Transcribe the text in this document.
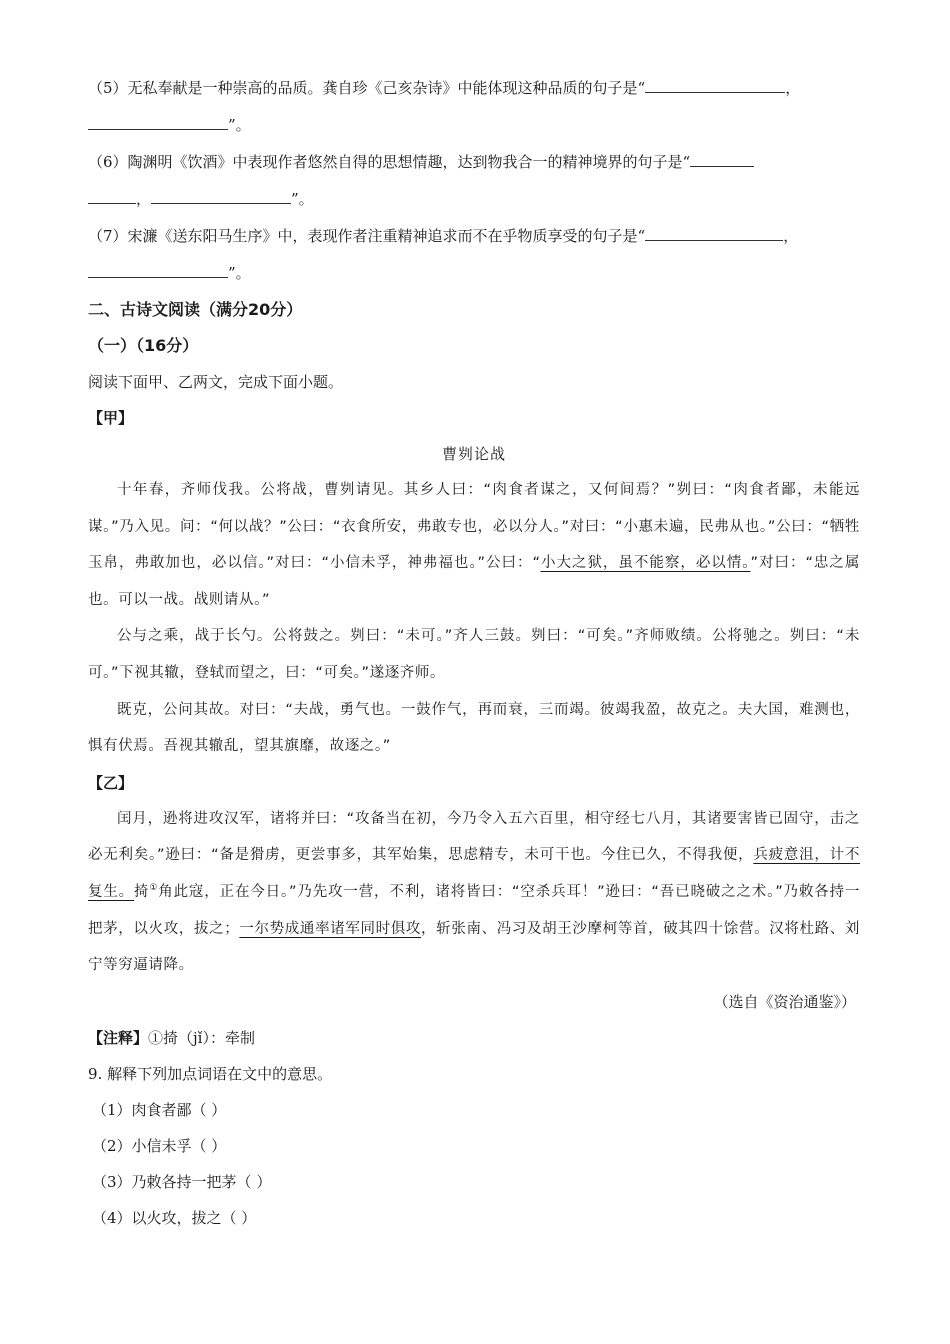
（5）无私奉献是一种崇高的品质。龚自珍《己亥杂诗》中能体现这种品质的句子是“	，
”。
（6）陶渊明《饮酒》中表现作者悠然自得的思想情趣，达到物我合一的精神境界的句子是“
，	”。
（7）宋濂《送东阳马生序》中，表现作者注重精神追求而不在乎物质享受的句子是“	，
”。
二、古诗文阅读（满分20分）
（一）（16分）
阅读下面甲、乙两文，完成下面小题。
【甲】
曹刿论战
十年春，齐师伐我。公将战，曹刿请见。其乡人曰：“肉食者谋之，又何间焉？”刿曰：“肉食者鄙，未能远谋。”乃入见。问：“何以战？”公曰：“衣食所安，弗敢专也，必以分人。”对曰：“小惠未遍，民弗从也。”公曰：“牺牲玉帛，弗敢加也，必以信。”对曰：“小信未孚，神弗福也。”公曰：“小大之狱，虽不能察，必以情。”对曰：“忠之属也。可以一战。战则请从。”
公与之乘，战于长勺。公将鼓之。刿曰：“未可。”齐人三鼓。刿曰：“可矣。”齐师败绩。公将驰之。刿曰：“未可。”下视其辙，登轼而望之，曰：“可矣。”遂逐齐师。
既克，公问其故。对曰：“夫战，勇气也。一鼓作气，再而衰，三而竭。彼竭我盈，故克之。夫大国，难测也，惧有伏焉。吾视其辙乱，望其旗靡，故逐之。”
【乙】
闰月，逊将进攻汉军，诸将并曰：“攻备当在初，今乃令入五六百里，相守经七八月，其诸要害皆已固守，击之必无利矣。”逊曰：“备是猾虏，更尝事多，其军始集，思虑精专，未可干也。今住已久，不得我便，兵疲意沮，计不复生。掎①角此寇，正在今日。”乃先攻一营，不利，诸将皆曰：“空杀兵耳！”逊曰：“吾已晓破之之术。”乃敕各持一把茅，以火攻，拔之；一尔势成通率诸军同时俱攻，斩张南、冯习及胡王沙摩柯等首，破其四十馀营。汉将杜路、刘宁等穷逼请降。
（选自《资治通鉴》）
【注释】①掎（jǐ）：牵制
9. 解释下列加点词语在文中的意思。
（1）肉食者鄙（ ）
（2）小信未孚（ ）
（3）乃敕各持一把茅（ ）
（4）以火攻，拔之（ ）
